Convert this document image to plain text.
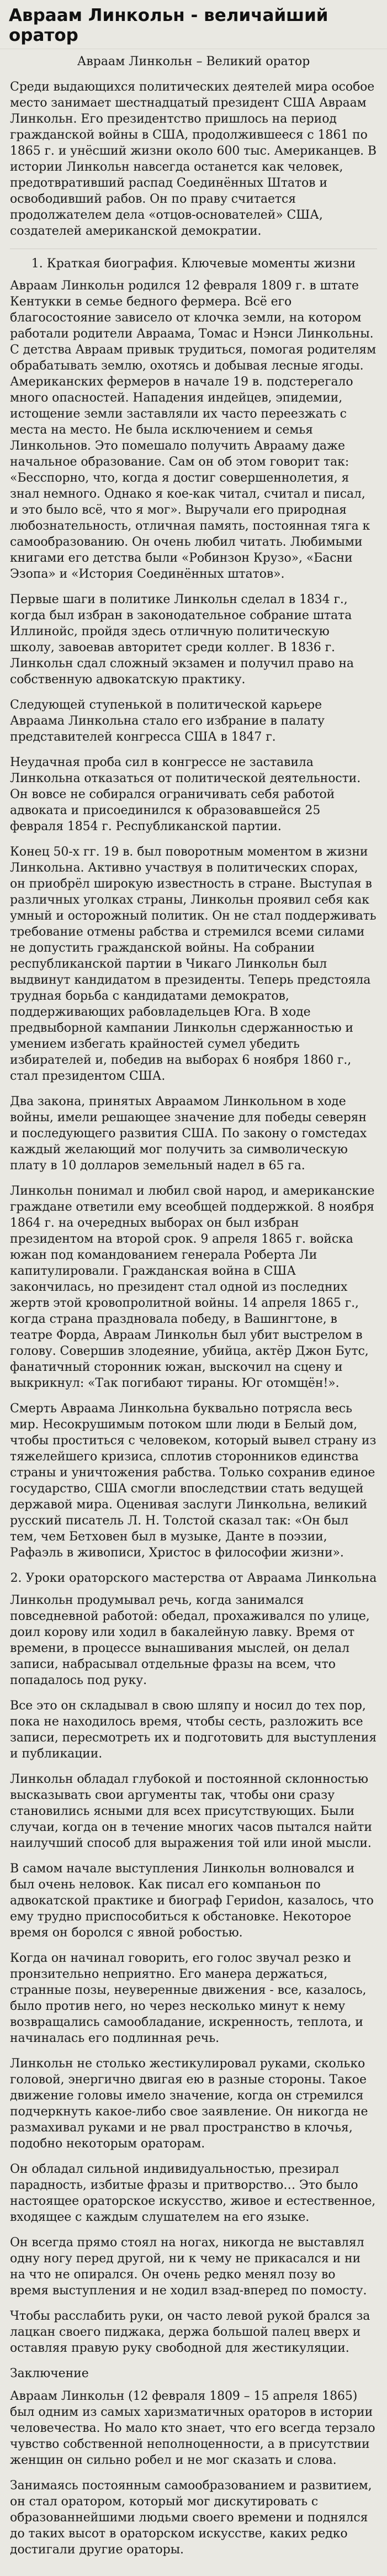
Авраам Линкольн - величайший оратор
Авраам Линкольн – Великий оратор

Среди выдающихся политических деятелей мира особое место занимает шестнадцатый президент США Авраам Линкольн. Его президентство пришлось на период гражданской войны в США, продолжившееся с 1861 по 1865 г. и унёсший жизни около 600 тыс. Американцев. В истории Линкольн навсегда останется как человек, предотвративший распад Соединённых Штатов и освободивший рабов. Он по праву считается продолжателем дела «отцов-основателей» США, создателей американской демократии.

1. Краткая биография. Ключевые моменты жизни

Авраам Линкольн родился 12 февраля 1809 г. в штате Кентукки в семье бедного фермера. Всё его благосостояние зависело от клочка земли, на котором работали родители Авраама, Томас и Нэнси Линкольны. С детства Авраам привык трудиться, помогая родителям обрабатывать землю, охотясь и добывая лесные ягоды. Американских фермеров в начале 19 в. подстерегало много опасностей. Нападения индейцев, эпидемии, истощение земли заставляли их часто переезжать с места на место. Не была исключением и семья Линкольнов. Это помешало получить Аврааму даже начальное образование. Сам он об этом говорит так: «Бесспорно, что, когда я достиг совершеннолетия, я знал немного. Однако я кое-как читал, считал и писал, и это было всё, что я мог». Выручали его природная любознательность, отличная память, постоянная тяга к самообразованию. Он очень любил читать. Любимыми книгами его детства были «Робинзон Крузо», «Басни Эзопа» и «История Соединённых штатов».

Первые шаги в политике Линкольн сделал в 1834 г., когда был избран в законодательное собрание штата Иллинойс, пройдя здесь отличную политическую школу, завоевав авторитет среди коллег. В 1836 г. Линкольн сдал сложный экзамен и получил право на собственную адвокатскую практику.

Следующей ступенькой в политической карьере Авраама Линкольна стало его избрание в палату представителей конгресса США в 1847 г.

Неудачная проба сил в конгрессе не заставила Линкольна отказаться от политической деятельности. Он вовсе не собирался ограничивать себя работой адвоката и присоединился к образовавшейся 25 февраля 1854 г. Республиканской партии.

Конец 50-х гг. 19 в. был поворотным моментом в жизни Линкольна. Активно участвуя в политических спорах, он приобрёл широкую известность в стране. Выступая в различных уголках страны, Линкольн проявил себя как умный и осторожный политик. Он не стал поддерживать требование отмены рабства и стремился всеми силами не допустить гражданской войны. На собрании республиканской партии в Чикаго Линкольн был выдвинут кандидатом в президенты. Теперь предстояла трудная борьба с кандидатами демократов, поддерживающих рабовладельцев Юга. В ходе предвыборной кампании Линкольн сдержанностью и умением избегать крайностей сумел убедить избирателей и, победив на выборах 6 ноября 1860 г., стал президентом США.

Два закона, принятых Авраамом Линкольном в ходе войны, имели решающее значение для победы северян и последующего развития США. По закону о гомстедах каждый желающий мог получить за символическую плату в 10 долларов земельный надел в 65 га.

Линкольн понимал и любил свой народ, и американские граждане ответили ему всеобщей поддержкой. 8 ноября 1864 г. на очередных выборах он был избран президентом на второй срок. 9 апреля 1865 г. войска южан под командованием генерала Роберта Ли капитулировали. Гражданская война в США закончилась, но президент стал одной из последних жертв этой кровопролитной войны. 14 апреля 1865 г., когда страна праздновала победу, в Вашингтоне, в театре Форда, Авраам Линкольн был убит выстрелом в голову. Совершив злодеяние, убийца, актёр Джон Бутс, фанатичный сторонник южан, выскочил на сцену и выкрикнул: «Так погибают тираны. Юг отомщён!».

Смерть Авраама Линкольна буквально потрясла весь мир. Несокрушимым потоком шли люди в Белый дом, чтобы проститься с человеком, который вывел страну из тяжелейшего кризиса, сплотив сторонников единства страны и уничтожения рабства. Только сохранив единое государство, США смогли впоследствии стать ведущей державой мира. Оценивая заслуги Линкольна, великий русский писатель Л. Н. Толстой сказал так: «Он был тем, чем Бетховен был в музыке, Данте в поэзии, Рафаэль в живописи, Христос в философии жизни».

2. Уроки ораторского мастерства от Авраама Линкольна

Линкольн продумывал речь, когда занимался повседневной работой: обедал, прохаживался по улице, доил корову или ходил в бакалейную лавку. Время от времени, в процессе вынашивания мыслей, он делал записи, набрасывал отдельные фразы на всем, что попадалось под руку.

Все это он складывал в свою шляпу и носил до тех пор, пока не находилось время, чтобы сесть, разложить все записи, пересмотреть их и подготовить для выступления и публикации.

Линкольн обладал глубокой и постоянной склонностью высказывать свои аргументы так, чтобы они сразу становились ясными для всех присутствующих. Были случаи, когда он в течение многих часов пытался найти наилучший способ для выражения той или иной мысли.

В самом начале выступления Линкольн волновался и был очень неловок. Как писал его компаньон по адвокатской практике и биограф Гериdон, казалось, что ему трудно приспособиться к обстановке. Некоторое время он боролся с явной робостью.

Когда он начинал говорить, его голос звучал резко и пронзительно неприятно. Его манера держаться, странные позы, неуверенные движения - все, казалось, было против него, но через несколько минут к нему возвращались самообладание, искренность, теплота, и начиналась его подлинная речь.

Линкольн не столько жестикулировал руками, сколько головой, энергично двигая ею в разные стороны. Такое движение головы имело значение, когда он стремился подчеркнуть какое-либо свое заявление. Он никогда не размахивал руками и не рвал пространство в клочья, подобно некоторым ораторам.

Он обладал сильной индивидуальностью, презирал парадность, избитые фразы и притворство… Это было настоящее ораторское искусство, живое и естественное, входящее с каждым слушателем на его языке.

Он всегда прямо стоял на ногах, никогда не выставлял одну ногу перед другой, ни к чему не прикасался и ни на что не опирался. Он очень редко менял позу во время выступления и не ходил взад-вперед по помосту.

Чтобы расслабить руки, он часто левой рукой брался за лацкан своего пиджака, держа большой палец вверх и оставляя правую руку свободной для жестикуляции.

Заключение

Авраам Линкольн (12 февраля 1809 – 15 апреля 1865) был одним из самых харизматичных ораторов в истории человечества. Но мало кто знает, что его всегда терзало чувство собственной неполноценности, а в присутствии женщин он сильно робел и не мог сказать и слова.

Занимаясь постоянным самообразованием и развитием, он стал оратором, который мог дискутировать с образованнейшими людьми своего времени и поднялся до таких высот в ораторском искусстве, каких редко достигали другие ораторы.
